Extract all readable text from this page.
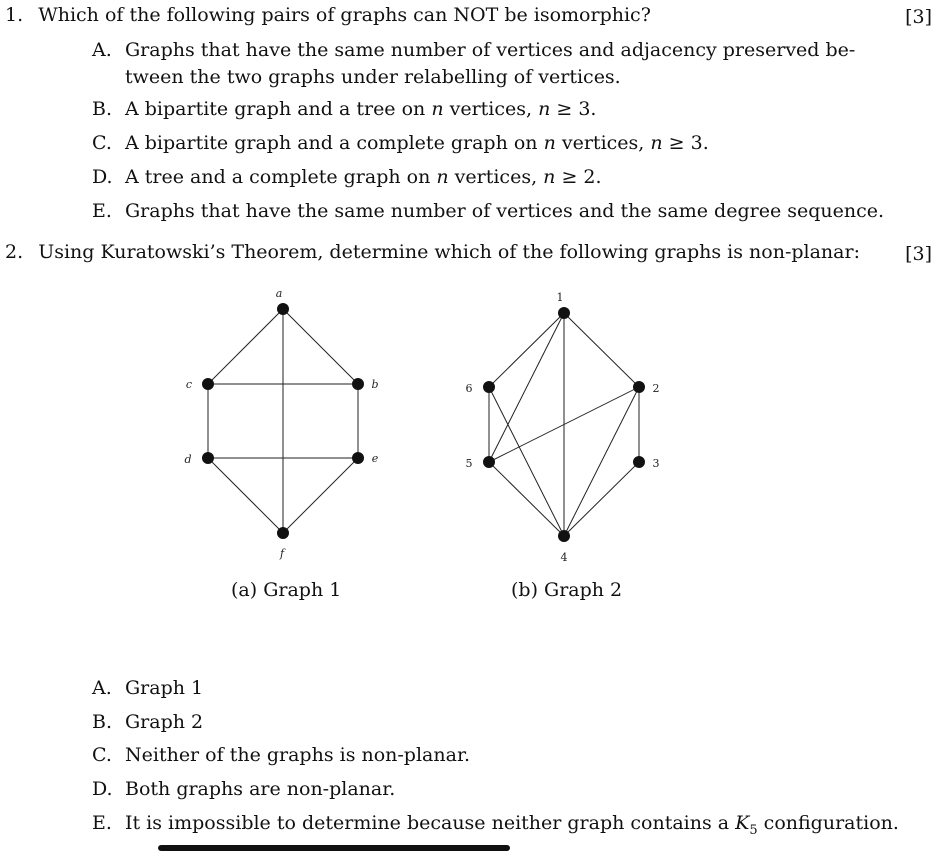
1. Which of the following pairs of graphs can NOT be isomorphic?	[3]
A. Graphs that have the same number of vertices and adjacency preserved be-
tween the two graphs under relabelling of vertices.
B. A bipartite graph and a tree on n vertices, n ≥ 3.
C. A bipartite graph and a complete graph on n vertices, n ≥ 3.
D. A tree and a complete graph on n vertices, n ≥ 2.
E. Graphs that have the same number of vertices and the same degree sequence.
2. Using Kuratowski’s Theorem, determine which of the following graphs is non-planar: [3]
a
b
c
d	e
f
1
2
3
4
5
6
(a) Graph 1	(b) Graph 2
A. Graph 1
B. Graph 2
C. Neither of the graphs is non-planar.
D. Both graphs are non-planar.
E. It is impossible to determine because neither graph contains a $K_5$ configuration.
